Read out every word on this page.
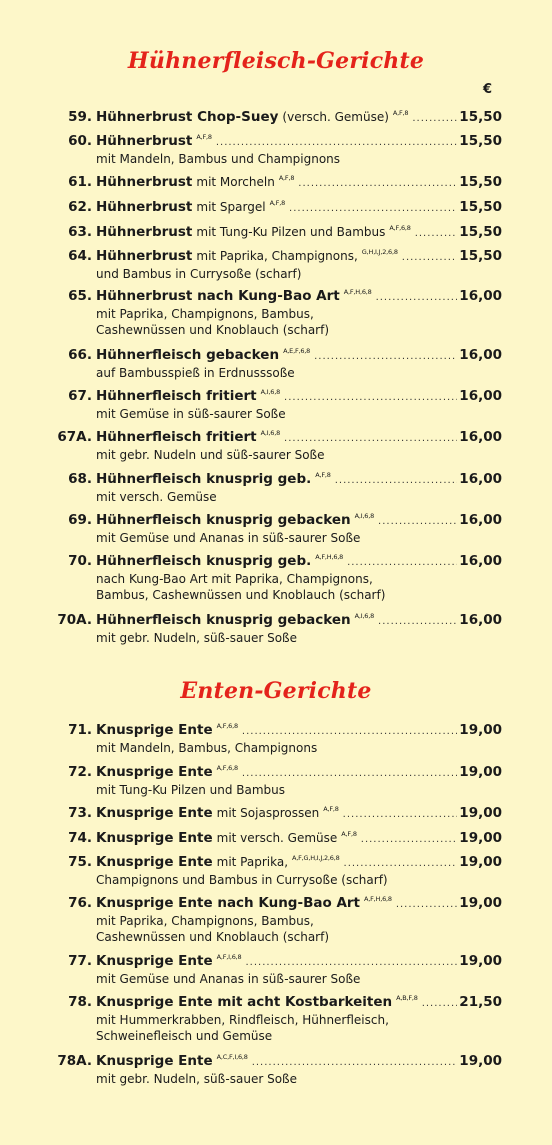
Hühnerfleisch-Gerichte
€
59. Hühnerbrust Chop-Suey (versch. Gemüse) A,F,8 .....	15,50
60. Hühnerbrust A,F,8 .....	15,50
mit Mandeln, Bambus und Champignons
61. Hühnerbrust mit Morcheln A,F,8 .....	15,50
62. Hühnerbrust mit Spargel A,F,8 .....	15,50
63. Hühnerbrust mit Tung-Ku Pilzen und Bambus A,F,6,8 .....	15,50
64. Hühnerbrust mit Paprika, Champignons, G,H,I,J,2,6,8 .....	15,50
und Bambus in Currysoße (scharf)
65. Hühnerbrust nach Kung-Bao Art A,F,H,6,8 .....	16,00
mit Paprika, Champignons, Bambus,
Cashewnüssen und Knoblauch (scharf)
66. Hühnerfleisch gebacken A,E,F,6,8 .....	16,00
auf Bambusspieß in Erdnusssoße
67. Hühnerfleisch fritiert A,I,6,8 .....	16,00
mit Gemüse in süß-saurer Soße
67A. Hühnerfleisch fritiert A,I,6,8 .....	16,00
mit gebr. Nudeln und süß-saurer Soße
68. Hühnerfleisch knusprig geb. A,F,8 .....	16,00
mit versch. Gemüse
69. Hühnerfleisch knusprig gebacken A,I,6,8 .....	16,00
mit Gemüse und Ananas in süß-saurer Soße
70. Hühnerfleisch knusprig geb. A,F,H,6,8 .....	16,00
nach Kung-Bao Art mit Paprika, Champignons,
Bambus, Cashewnüssen und Knoblauch (scharf)
70A. Hühnerfleisch knusprig gebacken A,I,6,8 .....	16,00
mit gebr. Nudeln, süß-sauer Soße
Enten-Gerichte
71. Knusprige Ente A,F,6,8 .....	19,00
mit Mandeln, Bambus, Champignons
72. Knusprige Ente A,F,6,8 .....	19,00
mit Tung-Ku Pilzen und Bambus
73. Knusprige Ente mit Sojasprossen A,F,8 .....	19,00
74. Knusprige Ente mit versch. Gemüse A,F,8 .....	19,00
75. Knusprige Ente mit Paprika, A,F,G,H,I,J,2,6,8 .....	19,00
Champignons und Bambus in Currysoße (scharf)
76. Knusprige Ente nach Kung-Bao Art A,F,H,6,8 .....	19,00
mit Paprika, Champignons, Bambus,
Cashewnüssen und Knoblauch (scharf)
77. Knusprige Ente A,F,I,6,8 .....	19,00
mit Gemüse und Ananas in süß-saurer Soße
78. Knusprige Ente mit acht Kostbarkeiten A,B,F,8 .....	21,50
mit Hummerkrabben, Rindfleisch, Hühnerfleisch,
Schweinefleisch und Gemüse
78A. Knusprige Ente A,C,F,I,6,8 .....	19,00
mit gebr. Nudeln, süß-sauer Soße
